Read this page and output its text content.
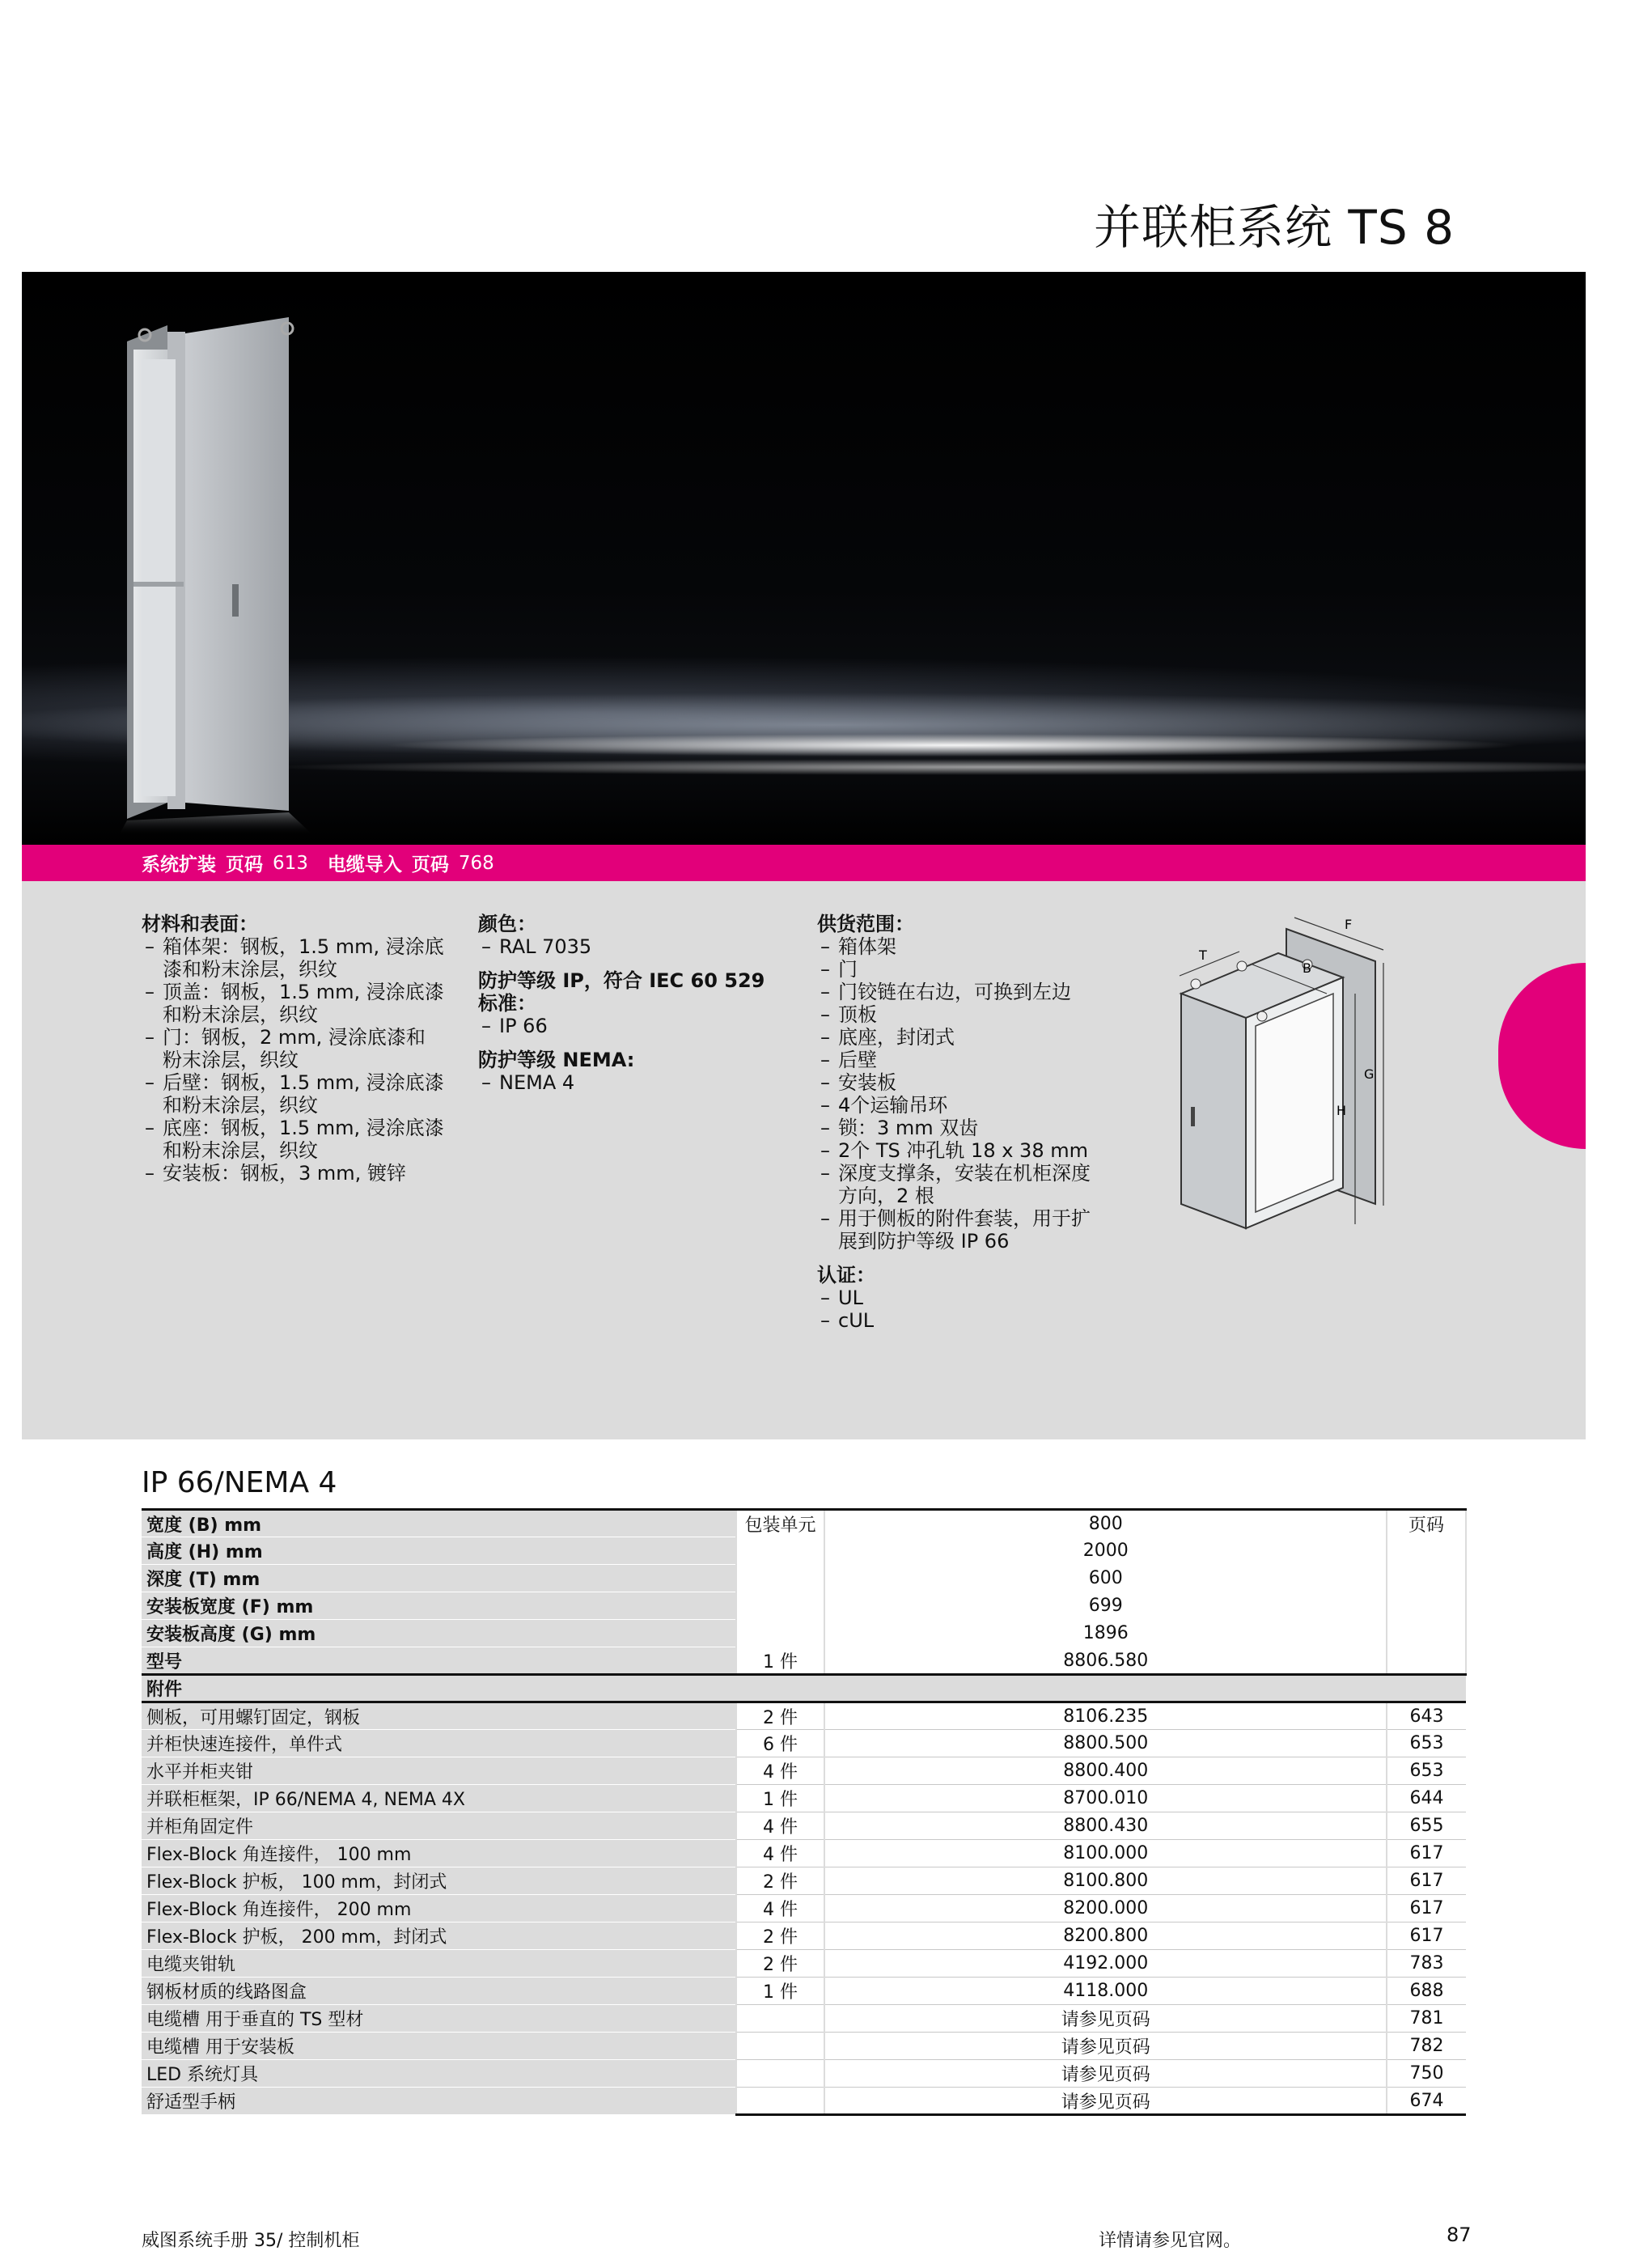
并联柜系统 TS 8
系统扩装 页码 613 电缆导入 页码 768
材料和表面：
– 箱体架：钢板，1.5 mm, 浸涂底
漆和粉末涂层，织纹
– 顶盖：钢板，1.5 mm, 浸涂底漆
和粉末涂层，织纹
– 门：钢板，2 mm, 浸涂底漆和
粉末涂层，织纹
– 后壁：钢板，1.5 mm, 浸涂底漆
和粉末涂层，织纹
– 底座：钢板，1.5 mm, 浸涂底漆
和粉末涂层，织纹
– 安装板：钢板，3 mm, 镀锌
颜色：
– RAL 7035
防护等级 IP，符合 IEC 60 529
标准：
– IP 66
防护等级 NEMA:
– NEMA 4
供货范围：
– 箱体架
– 门
– 门铰链在右边，可换到左边
– 顶板
– 底座，封闭式
– 后壁
– 安装板
– 4个运输吊环
– 锁：3 mm 双齿
– 2个 TS 冲孔轨 18 x 38 mm
– 深度支撑条，安装在机柜深度
方向，2 根
– 用于侧板的附件套装，用于扩
展到防护等级 IP 66
认证：
– UL
– cUL
T
B
F
G
H
IP 66/NEMA 4
宽度 (B) mm	包装单元	800	页码
高度 (H) mm		2000	
深度 (T) mm		600	
安装板宽度 (F) mm		699	
安装板高度 (G) mm		1896	
型号	1 件	8806.580	
附件			
侧板，可用螺钉固定，钢板	2 件	8106.235	643
并柜快速连接件，单件式	6 件	8800.500	653
水平并柜夹钳	4 件	8800.400	653
并联柜框架，IP 66/NEMA 4, NEMA 4X	1 件	8700.010	644
并柜角固定件	4 件	8800.430	655
Flex-Block 角连接件， 100 mm	4 件	8100.000	617
Flex-Block 护板， 100 mm，封闭式	2 件	8100.800	617
Flex-Block 角连接件， 200 mm	4 件	8200.000	617
Flex-Block 护板， 200 mm，封闭式	2 件	8200.800	617
电缆夹钳轨	2 件	4192.000	783
钢板材质的线路图盒	1 件	4118.000	688
电缆槽 用于垂直的 TS 型材		请参见页码	781
电缆槽 用于安装板		请参见页码	782
LED 系统灯具		请参见页码	750
舒适型手柄		请参见页码	674
威图系统手册 35/ 控制机柜	详情请参见官网。	87
